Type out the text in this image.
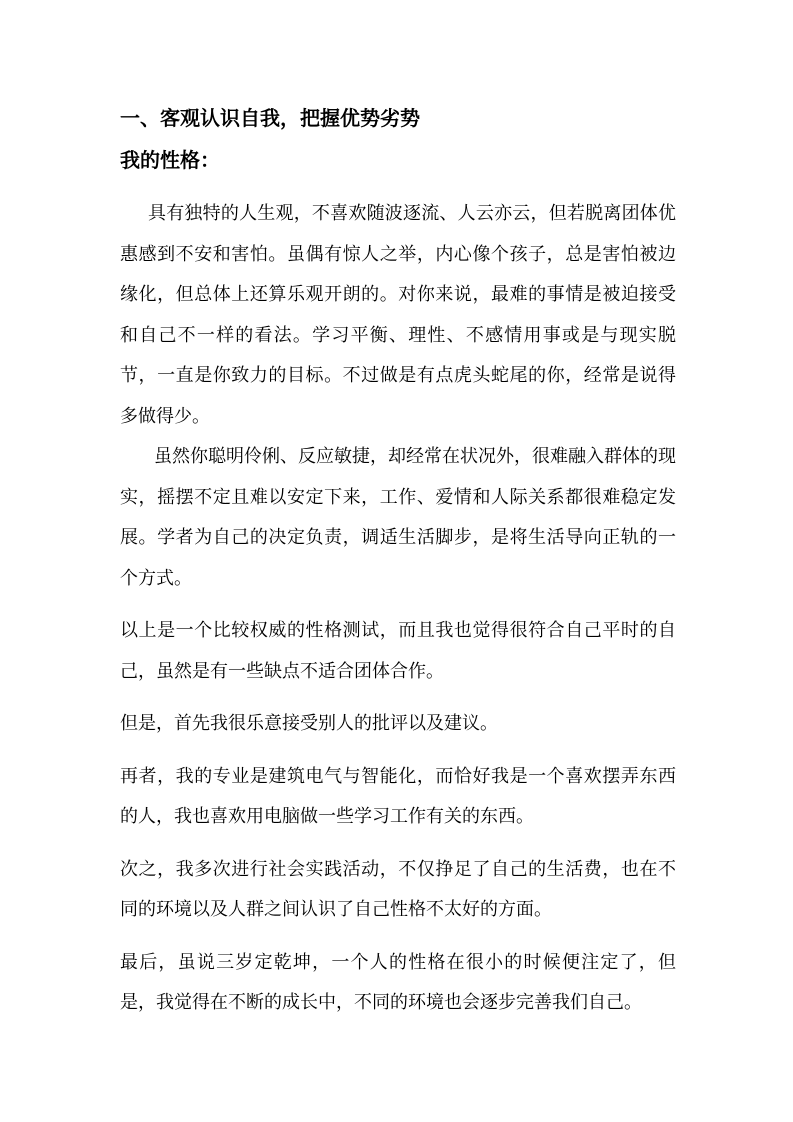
一、客观认识自我，把握优势劣势
我的性格：

具有独特的人生观，不喜欢随波逐流、人云亦云，但若脱离团体优惠感到不安和害怕。虽偶有惊人之举，内心像个孩子，总是害怕被边缘化，但总体上还算乐观开朗的。对你来说，最难的事情是被迫接受和自己不一样的看法。学习平衡、理性、不感情用事或是与现实脱节，一直是你致力的目标。不过做是有点虎头蛇尾的你，经常是说得多做得少。

虽然你聪明伶俐、反应敏捷，却经常在状况外，很难融入群体的现实，摇摆不定且难以安定下来，工作、爱情和人际关系都很难稳定发展。学者为自己的决定负责，调适生活脚步，是将生活导向正轨的一个方式。

以上是一个比较权威的性格测试，而且我也觉得很符合自己平时的自己，虽然是有一些缺点不适合团体合作。

但是，首先我很乐意接受别人的批评以及建议。

再者，我的专业是建筑电气与智能化，而恰好我是一个喜欢摆弄东西的人，我也喜欢用电脑做一些学习工作有关的东西。

次之，我多次进行社会实践活动，不仅挣足了自己的生活费，也在不同的环境以及人群之间认识了自己性格不太好的方面。

最后，虽说三岁定乾坤，一个人的性格在很小的时候便注定了，但是，我觉得在不断的成长中，不同的环境也会逐步完善我们自己。
